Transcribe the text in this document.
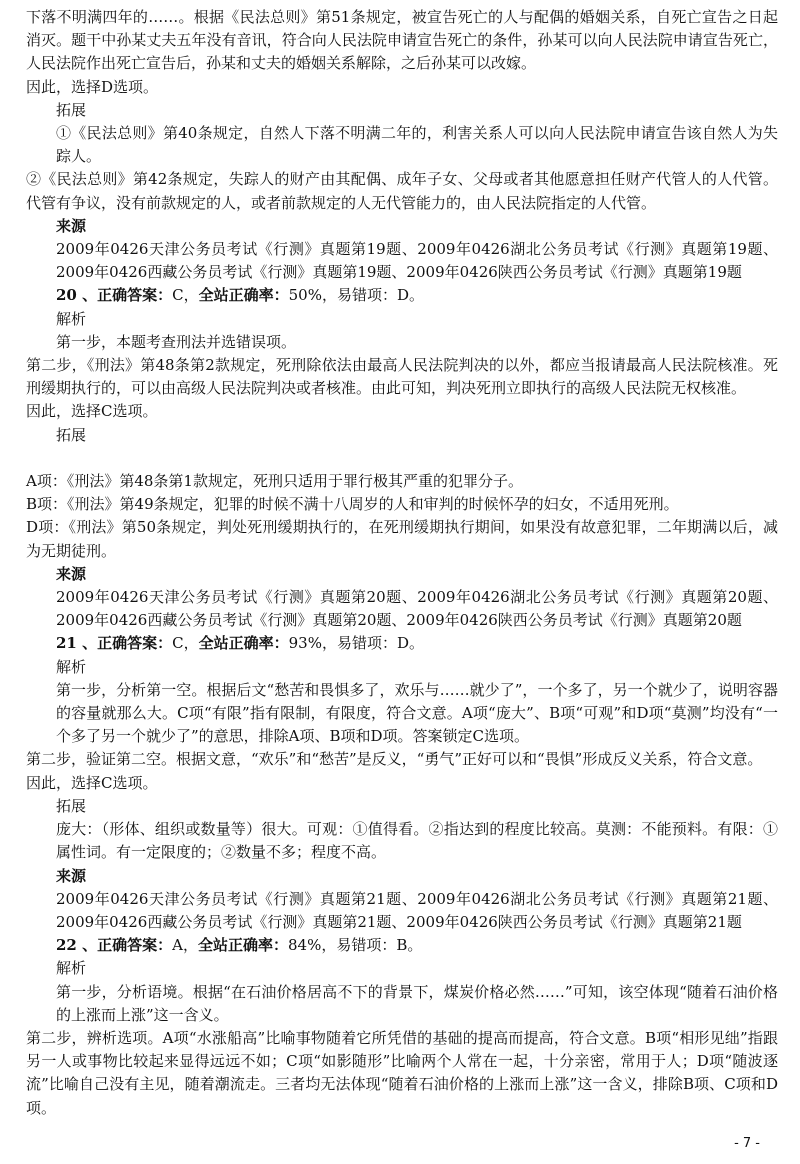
下落不明满四年的……。根据《民法总则》第51条规定，被宣告死亡的人与配偶的婚姻关系，自死亡宣告之日起消灭。题干中孙某丈夫五年没有音讯，符合向人民法院申请宣告死亡的条件，孙某可以向人民法院申请宣告死亡，人民法院作出死亡宣告后，孙某和丈夫的婚姻关系解除，之后孙某可以改嫁。

因此，选择D选项。

拓展

①《民法总则》第40条规定，自然人下落不明满二年的，利害关系人可以向人民法院申请宣告该自然人为失踪人。

②《民法总则》第42条规定，失踪人的财产由其配偶、成年子女、父母或者其他愿意担任财产代管人的人代管。代管有争议，没有前款规定的人，或者前款规定的人无代管能力的，由人民法院指定的人代管。

来源

2009年0426天津公务员考试《行测》真题第19题、2009年0426湖北公务员考试《行测》真题第19题、2009年0426西藏公务员考试《行测》真题第19题、2009年0426陕西公务员考试《行测》真题第19题

20 、正确答案：C，全站正确率：50%，易错项：D。

解析

第一步，本题考查刑法并选错误项。

第二步，《刑法》第48条第2款规定，死刑除依法由最高人民法院判决的以外，都应当报请最高人民法院核准。死刑缓期执行的，可以由高级人民法院判决或者核准。由此可知，判决死刑立即执行的高级人民法院无权核准。

因此，选择C选项。

拓展

A项：《刑法》第48条第1款规定，死刑只适用于罪行极其严重的犯罪分子。

B项：《刑法》第49条规定，犯罪的时候不满十八周岁的人和审判的时候怀孕的妇女，不适用死刑。

D项：《刑法》第50条规定，判处死刑缓期执行的，在死刑缓期执行期间，如果没有故意犯罪，二年期满以后，减为无期徒刑。

来源

2009年0426天津公务员考试《行测》真题第20题、2009年0426湖北公务员考试《行测》真题第20题、2009年0426西藏公务员考试《行测》真题第20题、2009年0426陕西公务员考试《行测》真题第20题

21 、正确答案：C，全站正确率：93%，易错项：D。

解析

第一步，分析第一空。根据后文“愁苦和畏惧多了，欢乐与……就少了”，一个多了，另一个就少了，说明容器的容量就那么大。C项“有限”指有限制，有限度，符合文意。A项“庞大”、B项“可观”和D项“莫测”均没有“一个多了另一个就少了”的意思，排除A项、B项和D项。答案锁定C选项。

第二步，验证第二空。根据文意，“欢乐”和“愁苦”是反义，“勇气”正好可以和“畏惧”形成反义关系，符合文意。

因此，选择C选项。

拓展

庞大：（形体、组织或数量等）很大。可观：①值得看。②指达到的程度比较高。莫测：不能预料。有限：①属性词。有一定限度的；②数量不多；程度不高。

来源

2009年0426天津公务员考试《行测》真题第21题、2009年0426湖北公务员考试《行测》真题第21题、2009年0426西藏公务员考试《行测》真题第21题、2009年0426陕西公务员考试《行测》真题第21题

22 、正确答案：A，全站正确率：84%，易错项：B。

解析

第一步，分析语境。根据“在石油价格居高不下的背景下，煤炭价格必然……”可知，该空体现“随着石油价格的上涨而上涨”这一含义。

第二步，辨析选项。A项“水涨船高”比喻事物随着它所凭借的基础的提高而提高，符合文意。B项“相形见绌”指跟另一人或事物比较起来显得远远不如；C项“如影随形”比喻两个人常在一起，十分亲密，常用于人；D项“随波逐流”比喻自己没有主见，随着潮流走。三者均无法体现“随着石油价格的上涨而上涨”这一含义，排除B项、C项和D项。

- 7 -
